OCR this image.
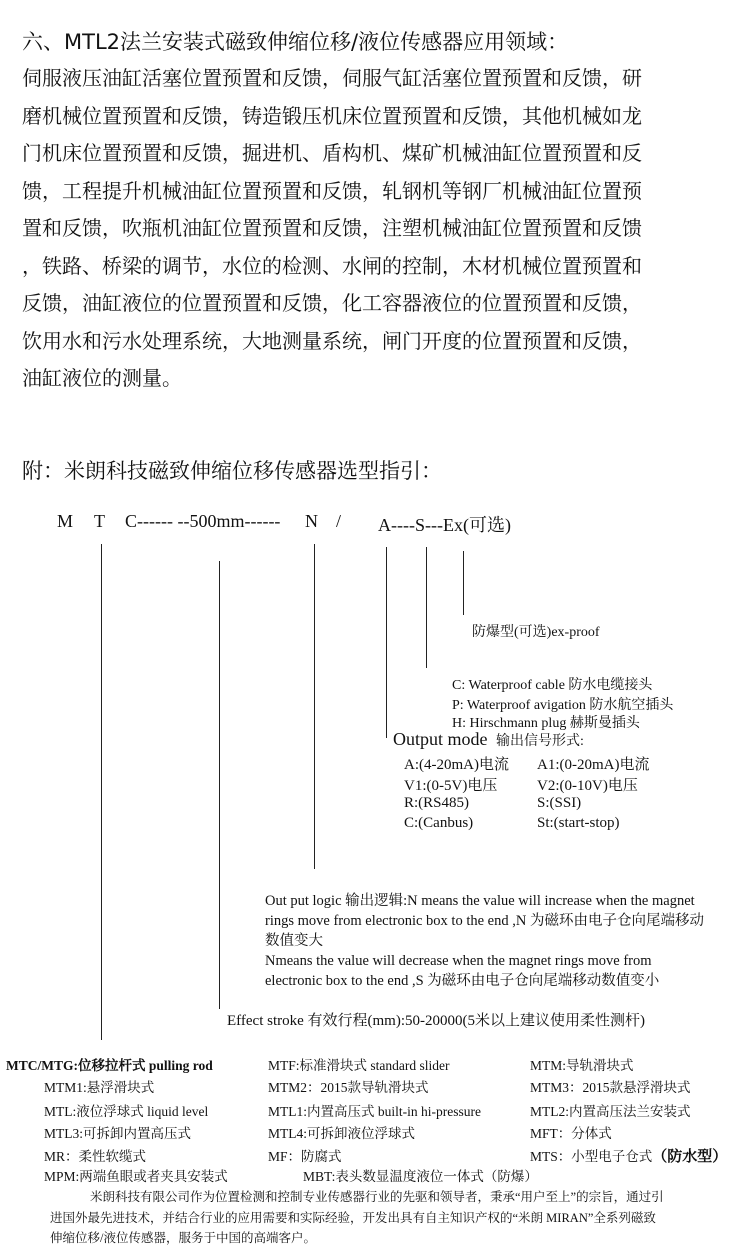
六、MTL2法兰安装式磁致伸缩位移/液位传感器应用领域：
伺服液压油缸活塞位置预置和反馈，伺服气缸活塞位置预置和反馈，研
磨机械位置预置和反馈，铸造锻压机床位置预置和反馈，其他机械如龙
门机床位置预置和反馈，掘进机、盾构机、煤矿机械油缸位置预置和反
馈，工程提升机械油缸位置预置和反馈，轧钢机等钢厂机械油缸位置预
置和反馈，吹瓶机油缸位置预置和反馈，注塑机械油缸位置预置和反馈
，铁路、桥梁的调节，水位的检测、水闸的控制，木材机械位置预置和
反馈，油缸液位的位置预置和反馈，化工容器液位的位置预置和反馈，
饮用水和污水处理系统，大地测量系统，闸门开度的位置预置和反馈，
油缸液位的测量。
附：米朗科技磁致伸缩位移传感器选型指引：
M T C------ --500mm------ N / A----S---Ex(可选)
防爆型(可选)ex-proof
C: Waterproof cable 防水电缆接头
P: Waterproof avigation 防水航空插头
H: Hirschmann plug 赫斯曼插头
Output mode 输出信号形式:
A:(4-20mA)电流 A1:(0-20mA)电流
V1:(0-5V)电压	V2:(0-10V)电压
R:(RS485)	S:(SSI)
C:(Canbus)	St:(start-stop)
Out put logic 输出逻辑:N means the value will increase when the magnet
rings move from electronic box to the end ,N 为磁环由电子仓向尾端移动
数值变大
Nmeans the value will decrease when the magnet rings move from
electronic box to the end ,S 为磁环由电子仓向尾端移动数值变小
Effect stroke 有效行程(mm):50-20000(5米以上建议使用柔性测杆)
MTC/MTG:位移拉杆式 pulling rod	MTF:标准滑块式 standard slider	MTM:导轨滑块式
MTM1:悬浮滑块式	MTM2：2015款导轨滑块式	MTM3：2015款悬浮滑块式
MTL:液位浮球式 liquid level	MTL1:内置高压式 built-in hi-pressure	MTL2:内置高压法兰安装式
MTL3:可拆卸内置高压式	MTL4:可拆卸液位浮球式	MFT：分体式
MR：柔性软缆式	MF：防腐式	MTS：小型电子仓式（防水型）
MPM:两端鱼眼或者夹具安装式	MBT:表头数显温度液位一体式（防爆）
米朗科技有限公司作为位置检测和控制专业传感器行业的先驱和领导者，秉承“用户至上”的宗旨，通过引
进国外最先进技术，并结合行业的应用需要和实际经验，开发出具有自主知识产权的“米朗 MIRAN”全系列磁致
伸缩位移/液位传感器，服务于中国的高端客户。
